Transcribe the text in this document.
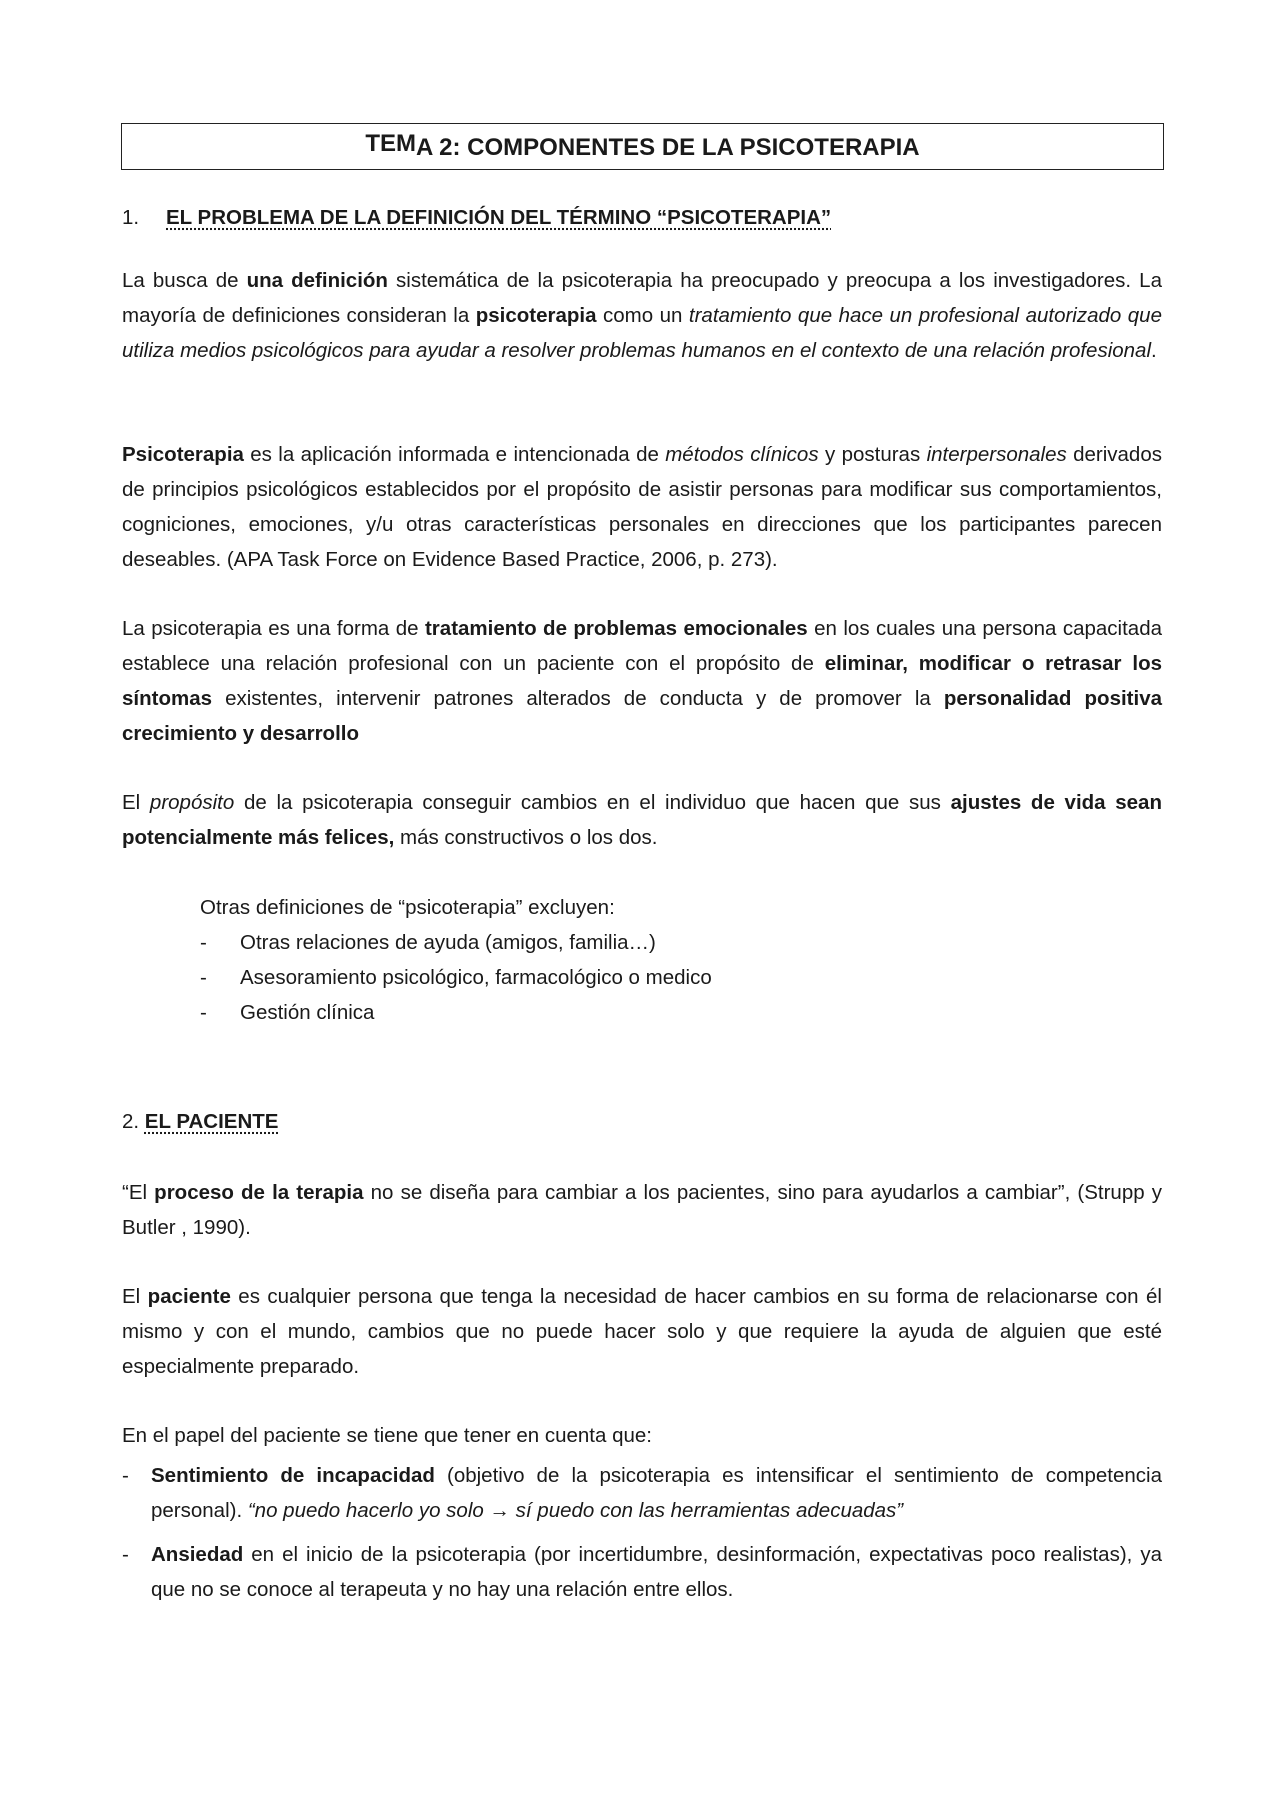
TEMA 2: COMPONENTES DE LA PSICOTERAPIA
1. EL PROBLEMA DE LA DEFINICIÓN DEL TÉRMINO “PSICOTERAPIA”

La busca de una definición sistemática de la psicoterapia ha preocupado y preocupa a los investigadores. La mayoría de definiciones consideran la psicoterapia como un tratamiento que hace un profesional autorizado que utiliza medios psicológicos para ayudar a resolver problemas humanos en el contexto de una relación profesional.

Psicoterapia es la aplicación informada e intencionada de métodos clínicos y posturas interpersonales derivados de principios psicológicos establecidos por el propósito de asistir personas para modificar sus comportamientos, cogniciones, emociones, y/u otras características personales en direcciones que los participantes parecen deseables. (APA Task Force on Evidence Based Practice, 2006, p. 273).

La psicoterapia es una forma de tratamiento de problemas emocionales en los cuales una persona capacitada establece una relación profesional con un paciente con el propósito de eliminar, modificar o retrasar los síntomas existentes, intervenir patrones alterados de conducta y de promover la personalidad positiva crecimiento y desarrollo

El propósito de la psicoterapia conseguir cambios en el individuo que hacen que sus ajustes de vida sean potencialmente más felices, más constructivos o los dos.

Otras definiciones de “psicoterapia” excluyen:
- Otras relaciones de ayuda (amigos, familia…)
- Asesoramiento psicológico, farmacológico o medico
- Gestión clínica
2. EL PACIENTE

“El proceso de la terapia no se diseña para cambiar a los pacientes, sino para ayudarlos a cambiar”, (Strupp y Butler , 1990).

El paciente es cualquier persona que tenga la necesidad de hacer cambios en su forma de relacionarse con él mismo y con el mundo, cambios que no puede hacer solo y que requiere la ayuda de alguien que esté especialmente preparado.

En el papel del paciente se tiene que tener en cuenta que:

- Sentimiento de incapacidad (objetivo de la psicoterapia es intensificar el sentimiento de competencia personal). “no puedo hacerlo yo solo → sí puedo con las herramientas adecuadas”
- Ansiedad en el inicio de la psicoterapia (por incertidumbre, desinformación, expectativas poco realistas), ya que no se conoce al terapeuta y no hay una relación entre ellos.
